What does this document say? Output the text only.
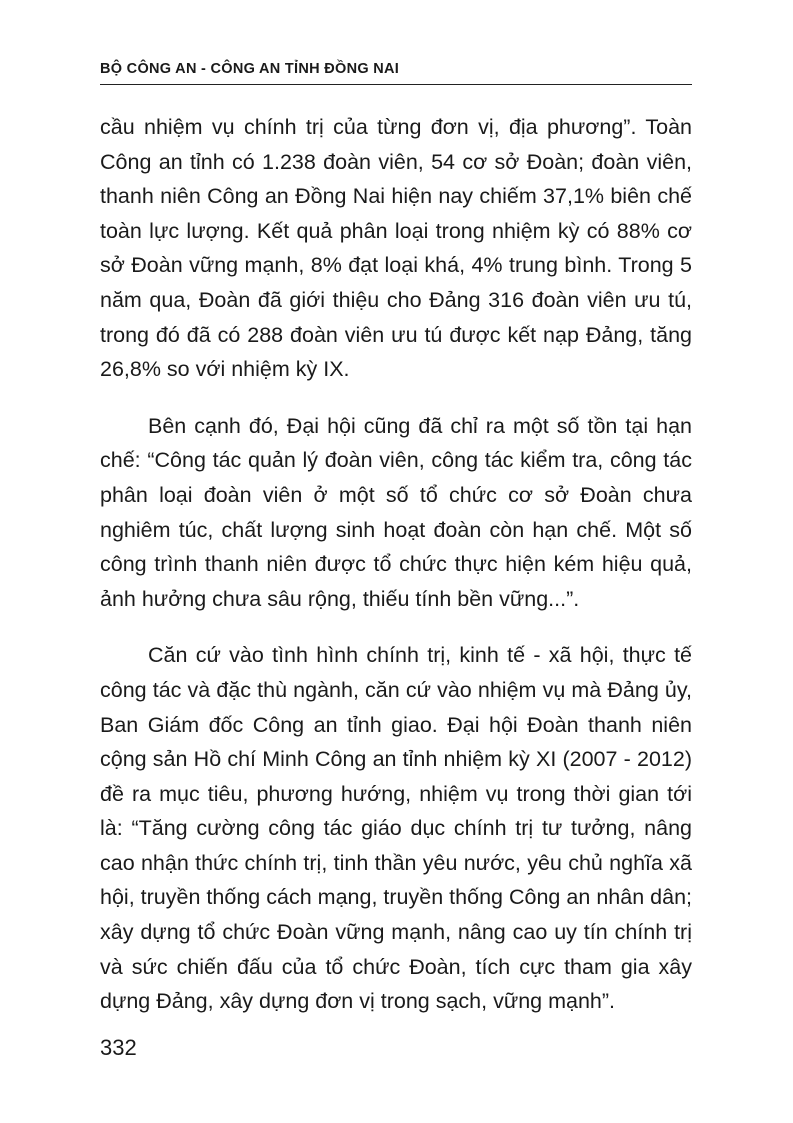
BỘ CÔNG AN - CÔNG AN TỈNH ĐỒNG NAI

cầu nhiệm vụ chính trị của từng đơn vị, địa phương”. Toàn Công an tỉnh có 1.238 đoàn viên, 54 cơ sở Đoàn; đoàn viên, thanh niên Công an Đồng Nai hiện nay chiếm 37,1% biên chế toàn lực lượng. Kết quả phân loại trong nhiệm kỳ có 88% cơ sở Đoàn vững mạnh, 8% đạt loại khá, 4% trung bình. Trong 5 năm qua, Đoàn đã giới thiệu cho Đảng 316 đoàn viên ưu tú, trong đó đã có 288 đoàn viên ưu tú được kết nạp Đảng, tăng 26,8% so với nhiệm kỳ IX.

Bên cạnh đó, Đại hội cũng đã chỉ ra một số tồn tại hạn chế: “Công tác quản lý đoàn viên, công tác kiểm tra, công tác phân loại đoàn viên ở một số tổ chức cơ sở Đoàn chưa nghiêm túc, chất lượng sinh hoạt đoàn còn hạn chế. Một số công trình thanh niên được tổ chức thực hiện kém hiệu quả, ảnh hưởng chưa sâu rộng, thiếu tính bền vững...”.

Căn cứ vào tình hình chính trị, kinh tế - xã hội, thực tế công tác và đặc thù ngành, căn cứ vào nhiệm vụ mà Đảng ủy, Ban Giám đốc Công an tỉnh giao. Đại hội Đoàn thanh niên cộng sản Hồ chí Minh Công an tỉnh nhiệm kỳ XI (2007 - 2012) đề ra mục tiêu, phương hướng, nhiệm vụ trong thời gian tới là: “Tăng cường công tác giáo dục chính trị tư tưởng, nâng cao nhận thức chính trị, tinh thần yêu nước, yêu chủ nghĩa xã hội, truyền thống cách mạng, truyền thống Công an nhân dân; xây dựng tổ chức Đoàn vững mạnh, nâng cao uy tín chính trị và sức chiến đấu của tổ chức Đoàn, tích cực tham gia xây dựng Đảng, xây dựng đơn vị trong sạch, vững mạnh”.

332
